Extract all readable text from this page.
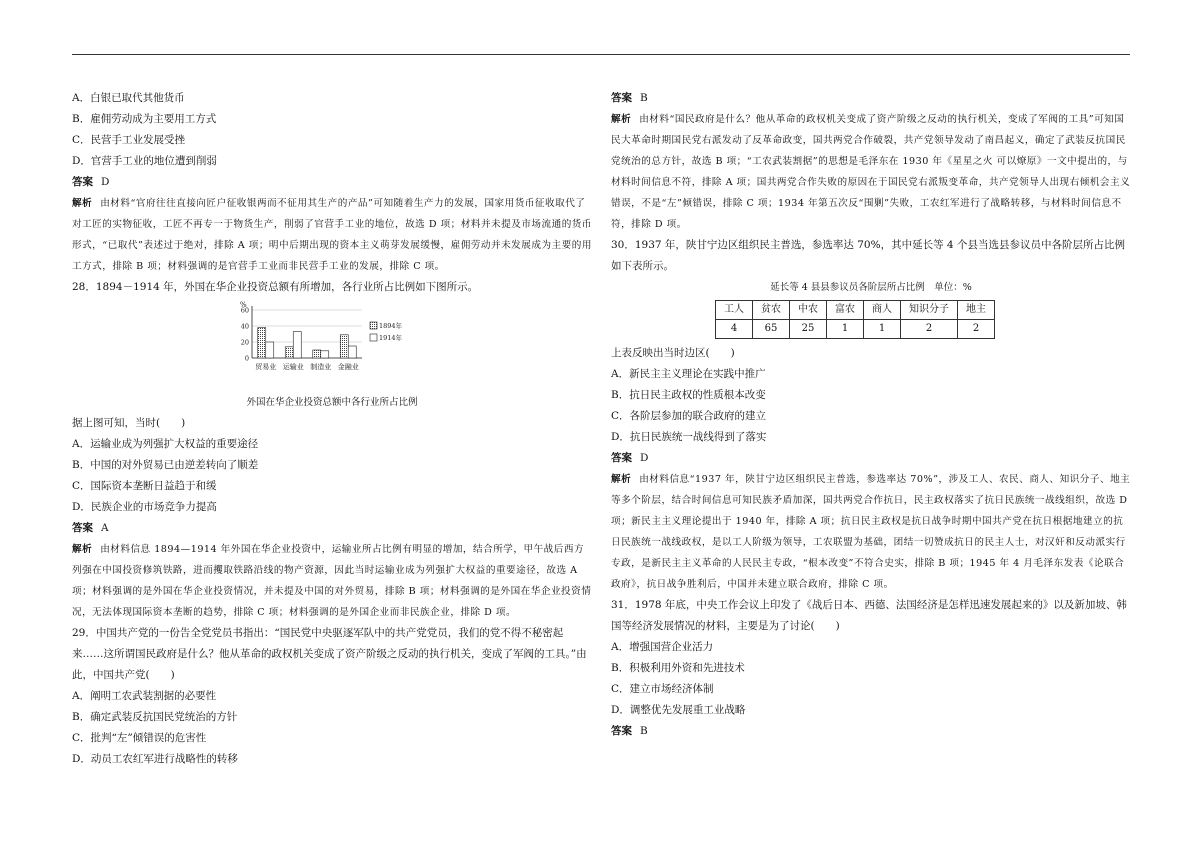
A．白银已取代其他货币

B．雇佣劳动成为主要用工方式

C．民营手工业发展受挫

D．官营手工业的地位遭到削弱

答案 D

解析 由材料“官府往往直接向匠户征收银两而不征用其生产的产品”可知随着生产力的发展，国家用货币征收取代了对工匠的实物征收，工匠不再专一于物货生产，削弱了官营手工业的地位，故选 D 项；材料并未提及市场流通的货币形式，“已取代”表述过于绝对，排除 A 项；明中后期出现的资本主义萌芽发展缓慢，雇佣劳动并未发展成为主要的用工方式，排除 B 项；材料强调的是官营手工业而非民营手工业的发展，排除 C 项。

28．1894－1914 年，外国在华企业投资总额有所增加，各行业所占比例如下图所示。

%
0
20
40
60
贸易业 运输业 制造业 金融业
1894年
1914年

外国在华企业投资总额中各行业所占比例

据上图可知，当时(　　)

A．运输业成为列强扩大权益的重要途径

B．中国的对外贸易已由逆差转向了顺差

C．国际资本垄断日益趋于和缓

D．民族企业的市场竞争力提高

答案 A

解析 由材料信息 1894—1914 年外国在华企业投资中，运输业所占比例有明显的增加，结合所学，甲午战后西方列强在中国投资修筑铁路，进而攫取铁路沿线的物产资源，因此当时运输业成为列强扩大权益的重要途径，故选 A 项；材料强调的是外国在华企业投资情况，并未提及中国的对外贸易，排除 B 项；材料强调的是外国在华企业投资情况，无法体现国际资本垄断的趋势，排除 C 项；材料强调的是外国企业而非民族企业，排除 D 项。

29．中国共产党的一份告全党党员书指出：“国民党中央驱逐军队中的共产党党员，我们的党不得不秘密起来……这所谓国民政府是什么？他从革命的政权机关变成了资产阶级之反动的执行机关，变成了军阀的工具。”由此，中国共产党(　　)

A．阐明工农武装割据的必要性

B．确定武装反抗国民党统治的方针

C．批判“左”倾错误的危害性

D．动员工农红军进行战略性的转移

答案 B

解析 由材料“国民政府是什么？他从革命的政权机关变成了资产阶级之反动的执行机关，变成了军阀的工具”可知国民大革命时期国民党右派发动了反革命政变，国共两党合作破裂，共产党领导发动了南昌起义，确定了武装反抗国民党统治的总方针，故选 B 项；“工农武装割据”的思想是毛泽东在 1930 年《星星之火 可以燎原》一文中提出的，与材料时间信息不符，排除 A 项；国共两党合作失败的原因在于国民党右派叛变革命，共产党领导人出现右倾机会主义错误，不是“左”倾错误，排除 C 项；1934 年第五次反“围剿”失败，工农红军进行了战略转移，与材料时间信息不符，排除 D 项。

30．1937 年，陕甘宁边区组织民主普选，参选率达 70%，其中延长等 4 个县当选县参议员中各阶层所占比例如下表所示。

延长等 4 县县参议员各阶层所占比例　单位：%

工人	贫农	中农	富农	商人	知识分子	地主
4	65	25	1	1	2	2

上表反映出当时边区(　　)

A．新民主主义理论在实践中推广

B．抗日民主政权的性质根本改变

C．各阶层参加的联合政府的建立

D．抗日民族统一战线得到了落实

答案 D

解析 由材料信息“1937 年，陕甘宁边区组织民主普选，参选率达 70%”，涉及工人、农民、商人、知识分子、地主等多个阶层，结合时间信息可知民族矛盾加深，国共两党合作抗日，民主政权落实了抗日民族统一战线组织，故选 D 项；新民主主义理论提出于 1940 年，排除 A 项；抗日民主政权是抗日战争时期中国共产党在抗日根据地建立的抗日民族统一战线政权，是以工人阶级为领导，工农联盟为基础，团结一切赞成抗日的民主人士，对汉奸和反动派实行专政，是新民主主义革命的人民民主专政，“根本改变”不符合史实，排除 B 项；1945 年 4 月毛泽东发表《论联合政府》，抗日战争胜利后，中国并未建立联合政府，排除 C 项。

31．1978 年底，中央工作会议上印发了《战后日本、西德、法国经济是怎样迅速发展起来的》以及新加坡、韩国等经济发展情况的材料，主要是为了讨论(　　)

A．增强国营企业活力

B．积极利用外资和先进技术

C．建立市场经济体制

D．调整优先发展重工业战略

答案 B
